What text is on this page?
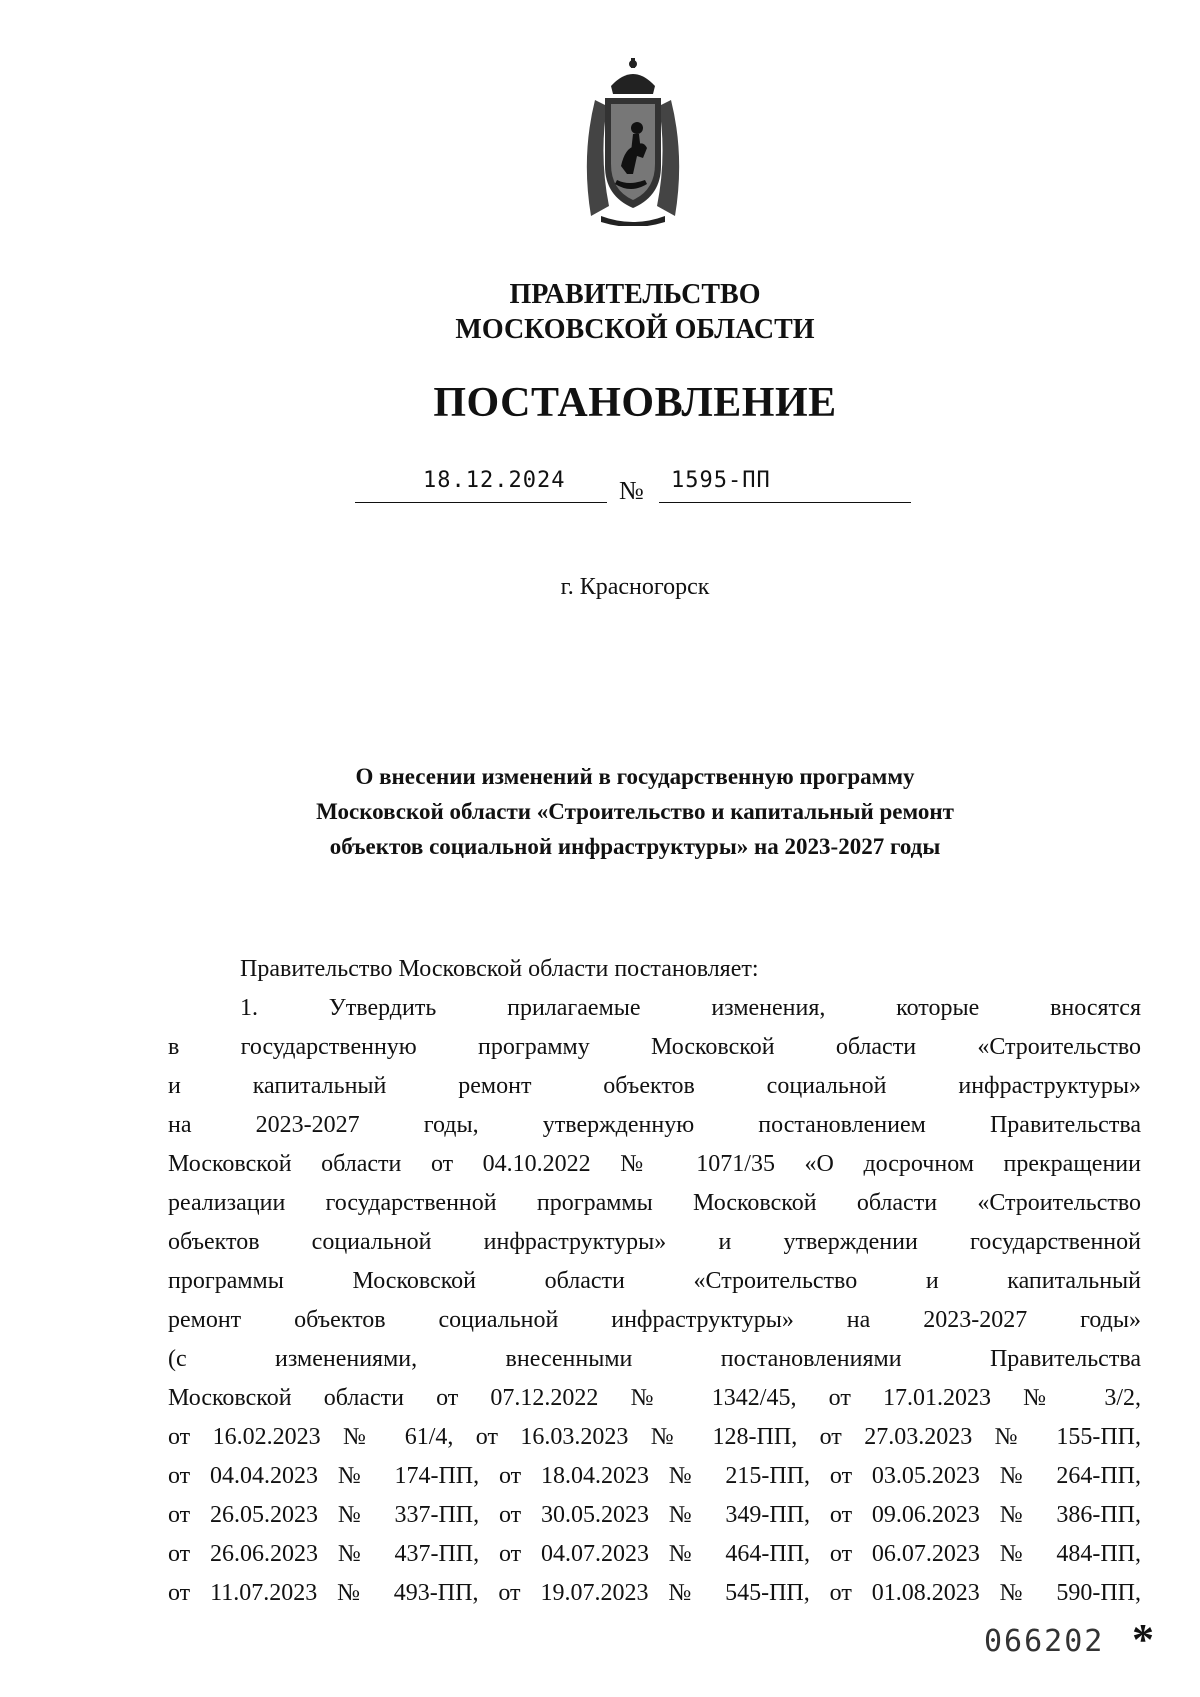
ПРАВИТЕЛЬСТВО
МОСКОВСКОЙ ОБЛАСТИ
ПОСТАНОВЛЕНИЕ
18.12.2024 № 1595-ПП
г. Красногорск
О внесении изменений в государственную программу
Московской области «Строительство и капитальный ремонт
объектов социальной инфраструктуры» на 2023-2027 годы
Правительство Московской области постановляет:
1. Утвердить прилагаемые изменения, которые вносятся
в государственную программу Московской области «Строительство
и капитальный ремонт объектов социальной инфраструктуры»
на 2023-2027 годы, утвержденную постановлением Правительства
Московской области от 04.10.2022 № 1071/35 «О досрочном прекращении
реализации государственной программы Московской области «Строительство
объектов социальной инфраструктуры» и утверждении государственной
программы Московской области «Строительство и капитальный
ремонт объектов социальной инфраструктуры» на 2023-2027 годы»
(с изменениями, внесенными постановлениями Правительства
Московской области от 07.12.2022 № 1342/45, от 17.01.2023 № 3/2,
от 16.02.2023 № 61/4, от 16.03.2023 № 128-ПП, от 27.03.2023 № 155-ПП,
от 04.04.2023 № 174-ПП, от 18.04.2023 № 215-ПП, от 03.05.2023 № 264-ПП,
от 26.05.2023 № 337-ПП, от 30.05.2023 № 349-ПП, от 09.06.2023 № 386-ПП,
от 26.06.2023 № 437-ПП, от 04.07.2023 № 464-ПП, от 06.07.2023 № 484-ПП,
от 11.07.2023 № 493-ПП, от 19.07.2023 № 545-ПП, от 01.08.2023 № 590-ПП,
066202 *
